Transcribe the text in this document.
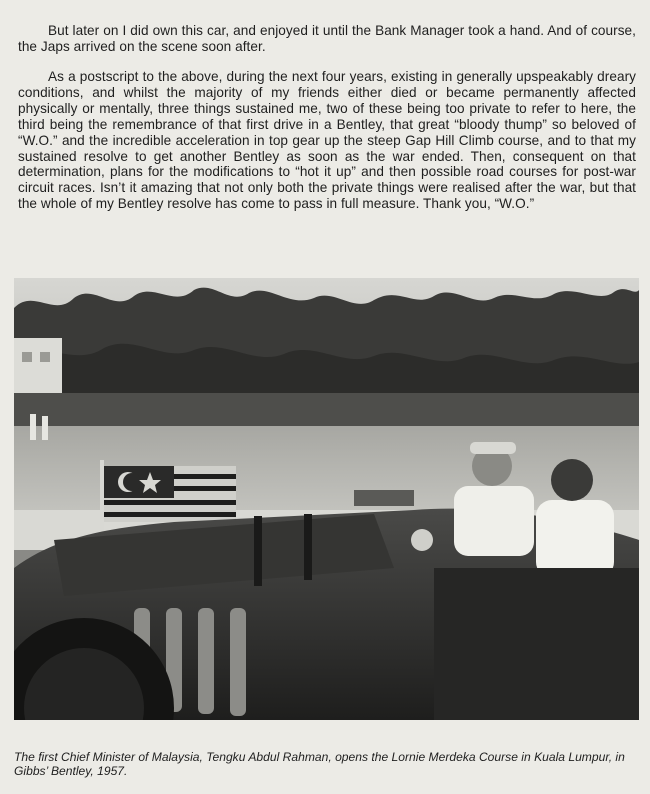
But later on I did own this car, and enjoyed it until the Bank Manager took a hand. And of course, the Japs arrived on the scene soon after.

As a postscript to the above, during the next four years, existing in generally upspeakably dreary conditions, and whilst the majority of my friends either died or became permanently affected physically or mentally, three things sustained me, two of these being too private to refer to here, the third being the remembrance of that first drive in a Bentley, that great “bloody thump” so beloved of “W.O.” and the incredible acceleration in top gear up the steep Gap Hill Climb course, and to that my sustained resolve to get another Bentley as soon as the war ended. Then, consequent on that determination, plans for the modifications to “hot it up” and then possible road courses for post-war circuit races. Isn’t it amazing that not only both the private things were realised after the war, but that the whole of my Bentley resolve has come to pass in full measure. Thank you, “W.O.”

The first Chief Minister of Malaysia, Tengku Abdul Rahman, opens the Lornie Merdeka Course in Kuala Lumpur, in Gibbs’ Bentley, 1957.
